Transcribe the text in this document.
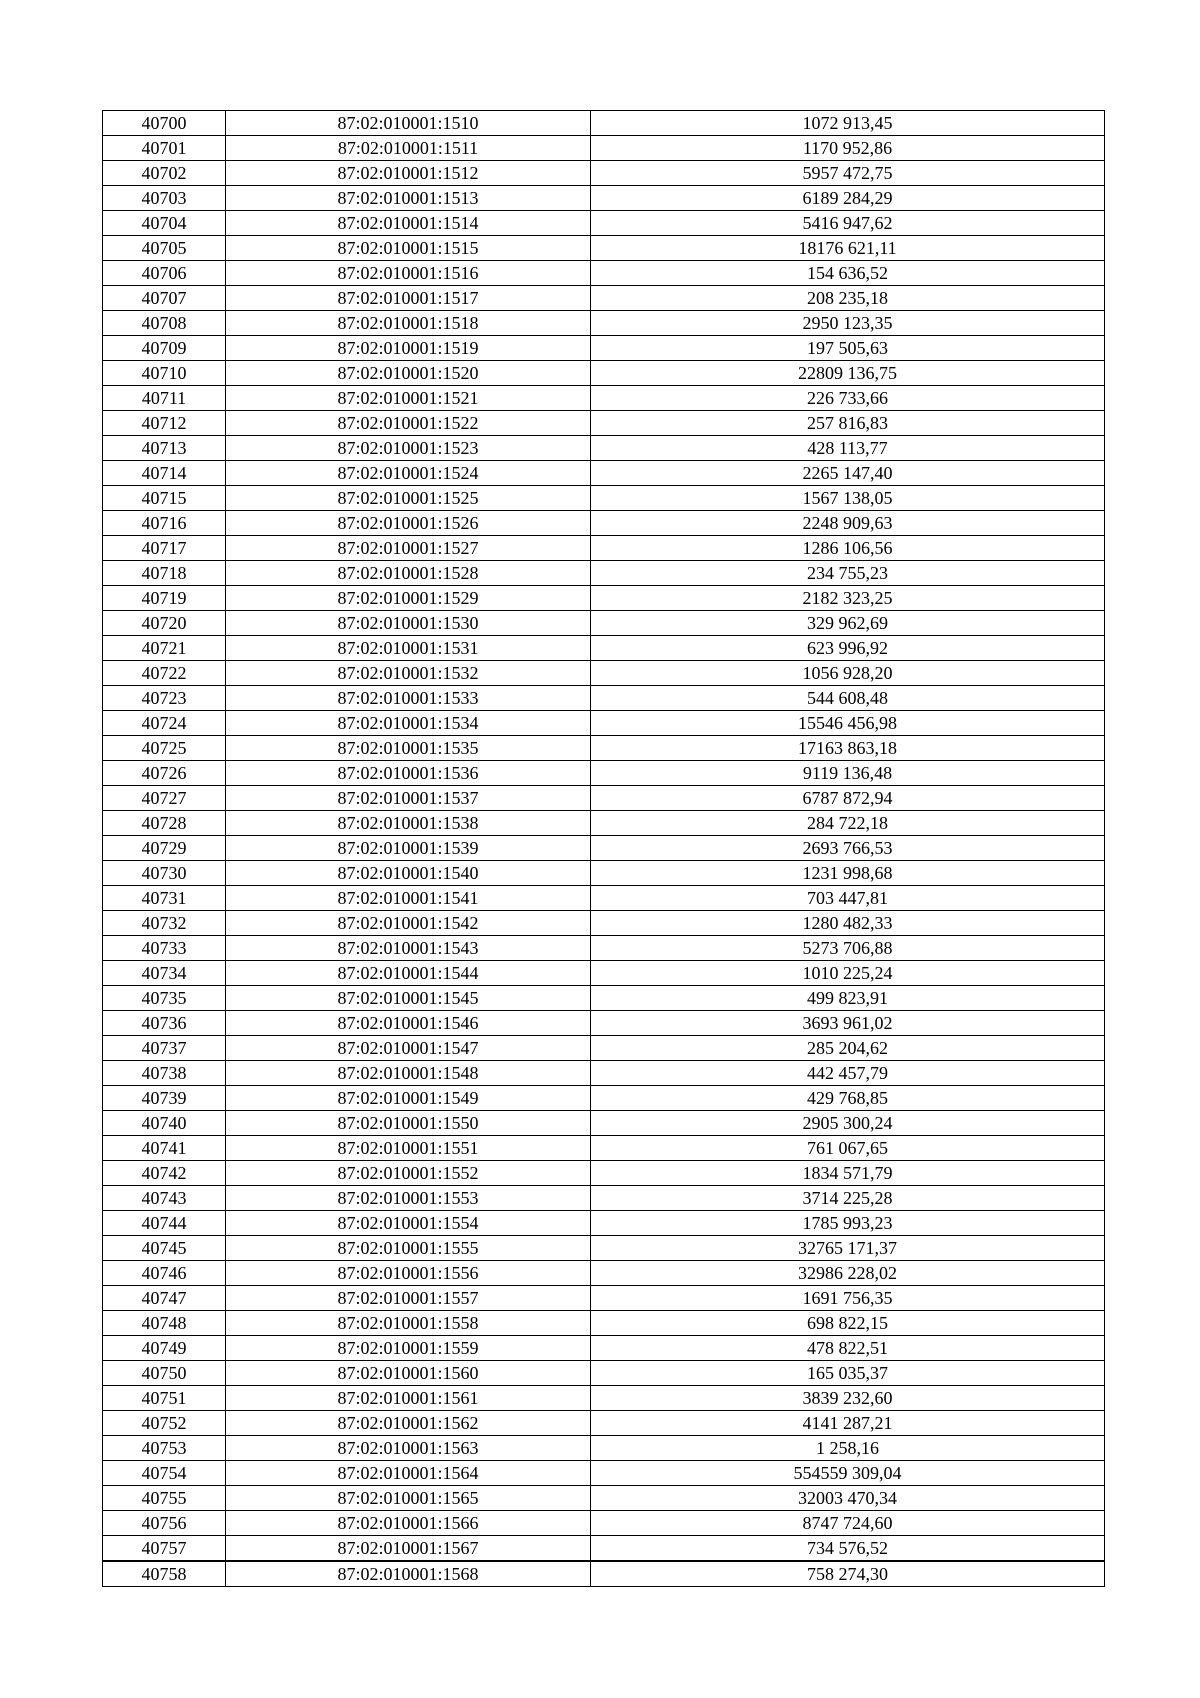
40700	87:02:010001:1510	1072 913,45
40701	87:02:010001:1511	1170 952,86
40702	87:02:010001:1512	5957 472,75
40703	87:02:010001:1513	6189 284,29
40704	87:02:010001:1514	5416 947,62
40705	87:02:010001:1515	18176 621,11
40706	87:02:010001:1516	154 636,52
40707	87:02:010001:1517	208 235,18
40708	87:02:010001:1518	2950 123,35
40709	87:02:010001:1519	197 505,63
40710	87:02:010001:1520	22809 136,75
40711	87:02:010001:1521	226 733,66
40712	87:02:010001:1522	257 816,83
40713	87:02:010001:1523	428 113,77
40714	87:02:010001:1524	2265 147,40
40715	87:02:010001:1525	1567 138,05
40716	87:02:010001:1526	2248 909,63
40717	87:02:010001:1527	1286 106,56
40718	87:02:010001:1528	234 755,23
40719	87:02:010001:1529	2182 323,25
40720	87:02:010001:1530	329 962,69
40721	87:02:010001:1531	623 996,92
40722	87:02:010001:1532	1056 928,20
40723	87:02:010001:1533	544 608,48
40724	87:02:010001:1534	15546 456,98
40725	87:02:010001:1535	17163 863,18
40726	87:02:010001:1536	9119 136,48
40727	87:02:010001:1537	6787 872,94
40728	87:02:010001:1538	284 722,18
40729	87:02:010001:1539	2693 766,53
40730	87:02:010001:1540	1231 998,68
40731	87:02:010001:1541	703 447,81
40732	87:02:010001:1542	1280 482,33
40733	87:02:010001:1543	5273 706,88
40734	87:02:010001:1544	1010 225,24
40735	87:02:010001:1545	499 823,91
40736	87:02:010001:1546	3693 961,02
40737	87:02:010001:1547	285 204,62
40738	87:02:010001:1548	442 457,79
40739	87:02:010001:1549	429 768,85
40740	87:02:010001:1550	2905 300,24
40741	87:02:010001:1551	761 067,65
40742	87:02:010001:1552	1834 571,79
40743	87:02:010001:1553	3714 225,28
40744	87:02:010001:1554	1785 993,23
40745	87:02:010001:1555	32765 171,37
40746	87:02:010001:1556	32986 228,02
40747	87:02:010001:1557	1691 756,35
40748	87:02:010001:1558	698 822,15
40749	87:02:010001:1559	478 822,51
40750	87:02:010001:1560	165 035,37
40751	87:02:010001:1561	3839 232,60
40752	87:02:010001:1562	4141 287,21
40753	87:02:010001:1563	1 258,16
40754	87:02:010001:1564	554559 309,04
40755	87:02:010001:1565	32003 470,34
40756	87:02:010001:1566	8747 724,60
40757	87:02:010001:1567	734 576,52
40758	87:02:010001:1568	758 274,30
